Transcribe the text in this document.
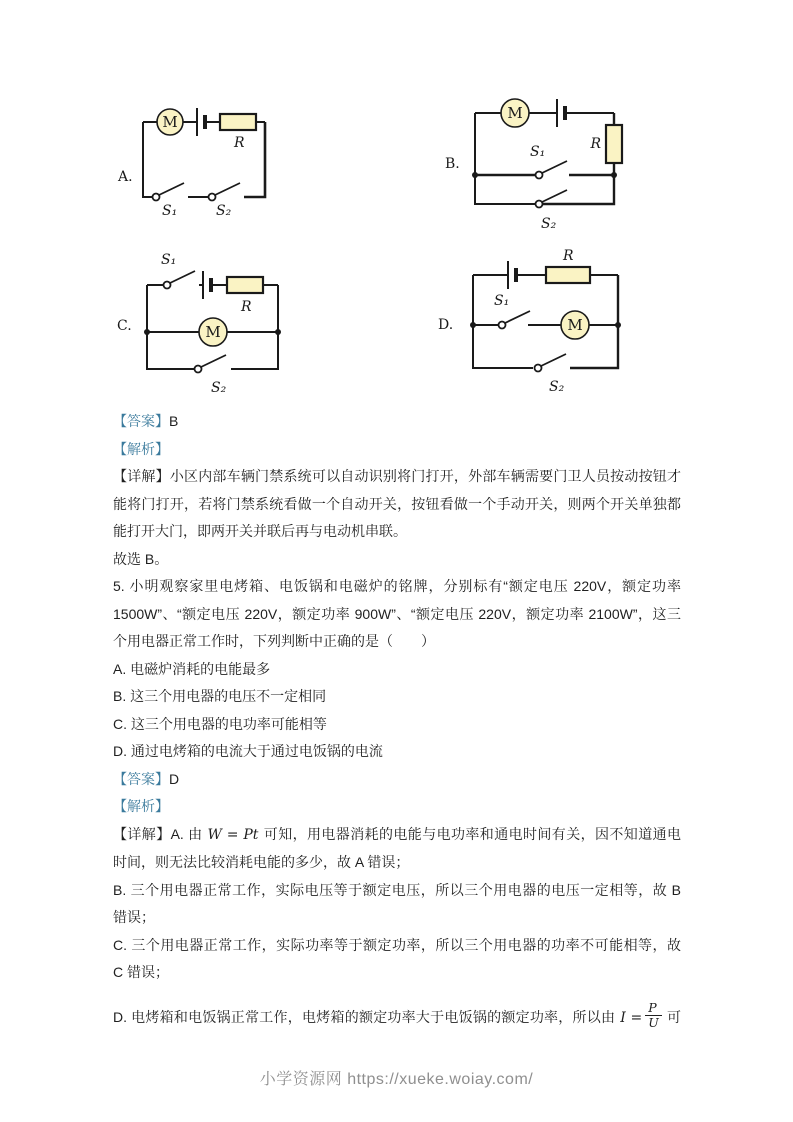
A.
M
R
S₁	S₂
B.
M
R
S₁
S₂
C.
S₁
R
M
S₂
D.
R
S₁
M
S₂
【答案】B
【解析】
【详解】小区内部车辆门禁系统可以自动识别将门打开，外部车辆需要门卫人员按动按钮才
能将门打开，若将门禁系统看做一个自动开关，按钮看做一个手动开关，则两个开关单独都
能打开大门，即两开关并联后再与电动机串联。
故选 B。
5. 小明观察家里电烤箱、电饭锅和电磁炉的铭牌，分别标有“额定电压 220V，额定功率
1500W”、“额定电压 220V，额定功率 900W”、“额定电压 220V，额定功率 2100W”，这三
个用电器正常工作时，下列判断中正确的是（　　）
A. 电磁炉消耗的电能最多
B. 这三个用电器的电压不一定相同
C. 这三个用电器的电功率可能相等
D. 通过电烤箱的电流大于通过电饭锅的电流
【答案】D
【解析】
【详解】A. 由 W = Pt 可知，用电器消耗的电能与电功率和通电时间有关，因不知道通电
时间，则无法比较消耗电能的多少，故 A 错误；
B. 三个用电器正常工作，实际电压等于额定电压，所以三个用电器的电压一定相等，故 B
错误；
C. 三个用电器正常工作，实际功率等于额定功率，所以三个用电器的功率不可能相等，故
C 错误；
D. 电烤箱和电饭锅正常工作，电烤箱的额定功率大于电饭锅的额定功率，所以由 $I = \frac{P}{U}$ 可
小学资源网 https://xueke.woiay.com/
